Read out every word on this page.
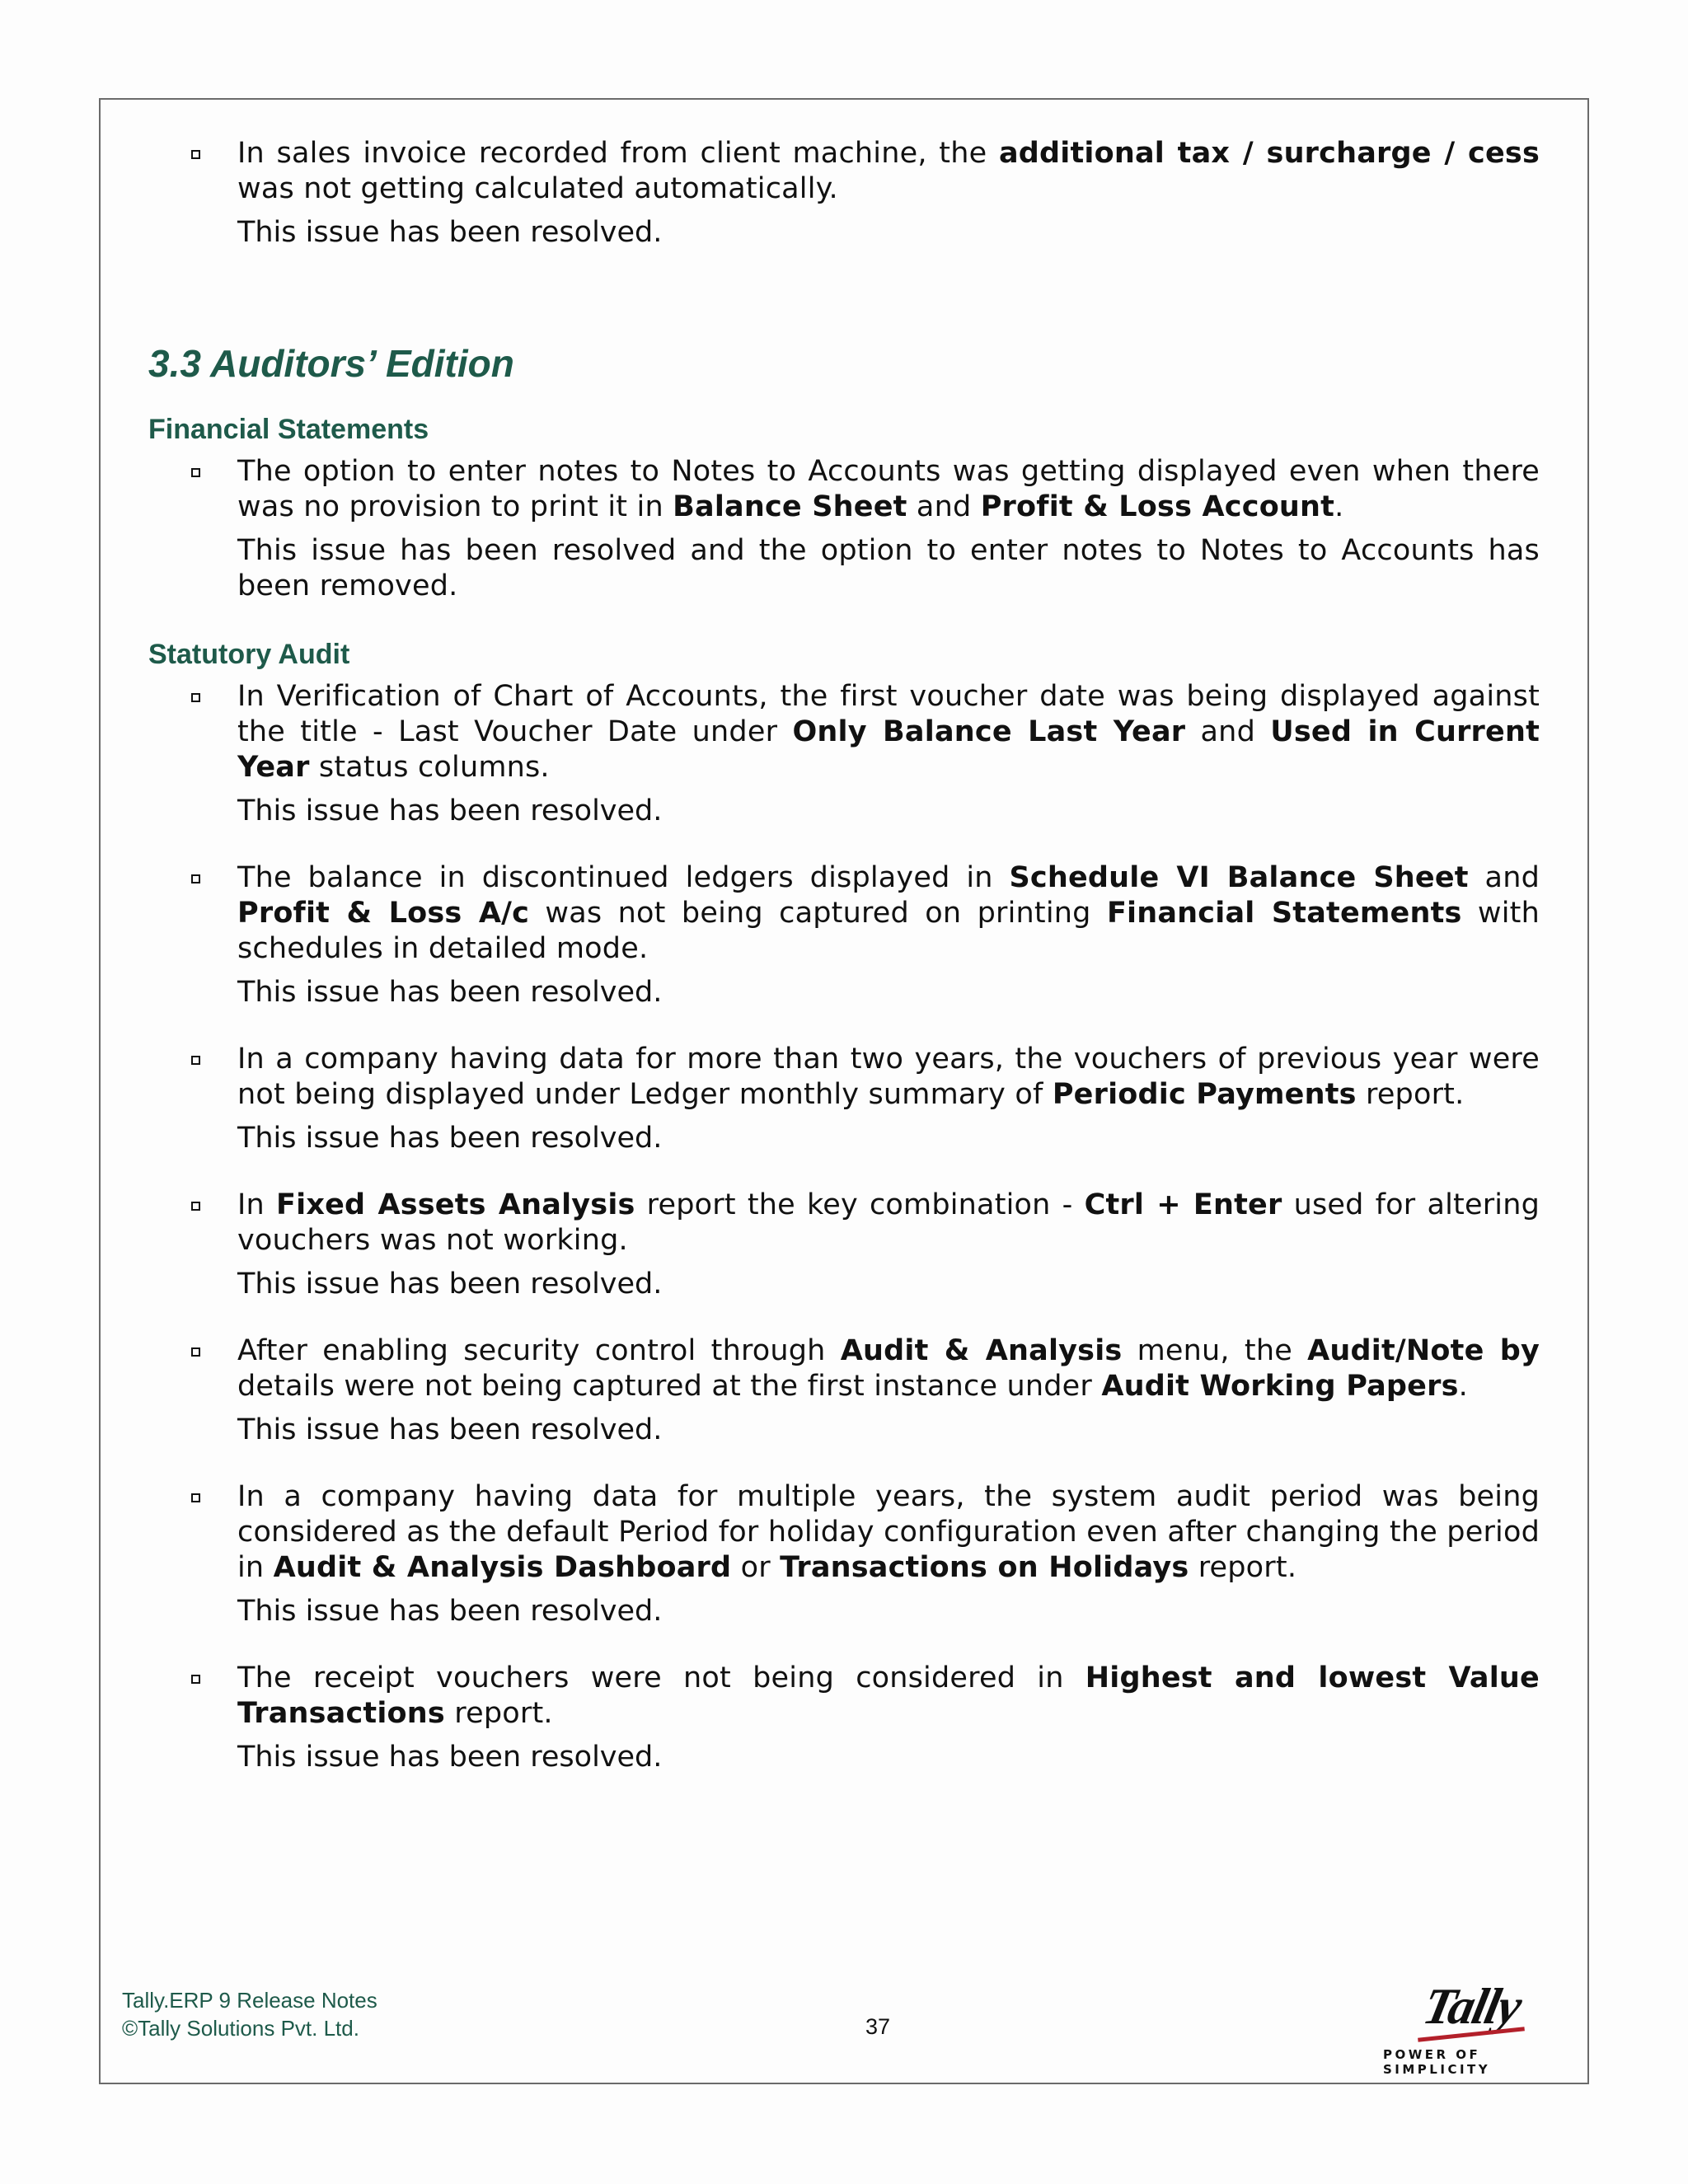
In sales invoice recorded from client machine, the additional tax / surcharge / cess was not getting calculated automatically.

This issue has been resolved.

3.3 Auditors’ Edition
Financial Statements

The option to enter notes to Notes to Accounts was getting displayed even when there was no provision to print it in Balance Sheet and Profit & Loss Account.

This issue has been resolved and the option to enter notes to Notes to Accounts has been removed.

Statutory Audit

In Verification of Chart of Accounts, the first voucher date was being displayed against the title - Last Voucher Date under Only Balance Last Year and Used in Current Year status columns.

This issue has been resolved.

The balance in discontinued ledgers displayed in Schedule VI Balance Sheet and Profit & Loss A/c was not being captured on printing Financial Statements with schedules in detailed mode.

This issue has been resolved.

In a company having data for more than two years, the vouchers of previous year were not being displayed under Ledger monthly summary of Periodic Payments report.

This issue has been resolved.

In Fixed Assets Analysis report the key combination - Ctrl + Enter used for altering vouchers was not working.

This issue has been resolved.

After enabling security control through Audit & Analysis menu, the Audit/Note by details were not being captured at the first instance under Audit Working Papers.

This issue has been resolved.

In a company having data for multiple years, the system audit period was being considered as the default Period for holiday configuration even after changing the period in Audit & Analysis Dashboard or Transactions on Holidays report.

This issue has been resolved.

The receipt vouchers were not being considered in Highest and lowest Value Transactions report.

This issue has been resolved.

Tally.ERP 9 Release Notes
©Tally Solutions Pvt. Ltd.	37	Tally
POWER OF SIMPLICITY
